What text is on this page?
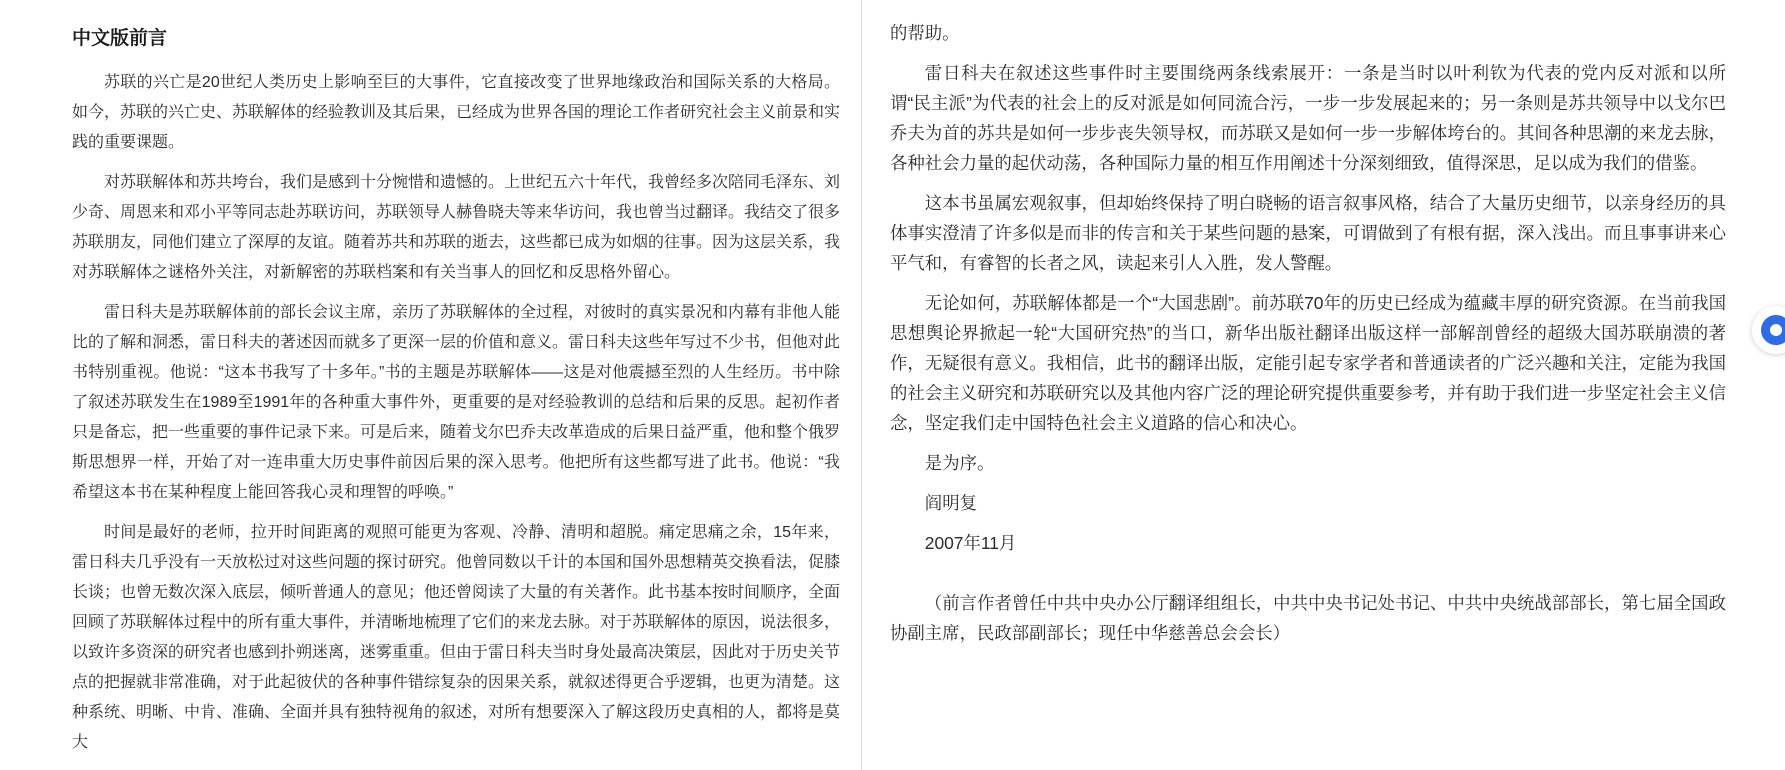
中文版前言

苏联的兴亡是20世纪人类历史上影响至巨的大事件，它直接改变了世界地缘政治和国际关系的大格局。如今，苏联的兴亡史、苏联解体的经验教训及其后果，已经成为世界各国的理论工作者研究社会主义前景和实践的重要课题。

对苏联解体和苏共垮台，我们是感到十分惋惜和遗憾的。上世纪五六十年代，我曾经多次陪同毛泽东、刘少奇、周恩来和邓小平等同志赴苏联访问，苏联领导人赫鲁晓夫等来华访问，我也曾当过翻译。我结交了很多苏联朋友，同他们建立了深厚的友谊。随着苏共和苏联的逝去，这些都已成为如烟的往事。因为这层关系，我对苏联解体之谜格外关注，对新解密的苏联档案和有关当事人的回忆和反思格外留心。

雷日科夫是苏联解体前的部长会议主席，亲历了苏联解体的全过程，对彼时的真实景况和内幕有非他人能比的了解和洞悉，雷日科夫的著述因而就多了更深一层的价值和意义。雷日科夫这些年写过不少书，但他对此书特别重视。他说：“这本书我写了十多年。”书的主题是苏联解体——这是对他震撼至烈的人生经历。书中除了叙述苏联发生在1989至1991年的各种重大事件外，更重要的是对经验教训的总结和后果的反思。起初作者只是备忘，把一些重要的事件记录下来。可是后来，随着戈尔巴乔夫改革造成的后果日益严重，他和整个俄罗斯思想界一样，开始了对一连串重大历史事件前因后果的深入思考。他把所有这些都写进了此书。他说：“我希望这本书在某种程度上能回答我心灵和理智的呼唤。”

时间是最好的老师，拉开时间距离的观照可能更为客观、冷静、清明和超脱。痛定思痛之余，15年来，雷日科夫几乎没有一天放松过对这些问题的探讨研究。他曾同数以千计的本国和国外思想精英交换看法，促膝长谈；也曾无数次深入底层，倾听普通人的意见；他还曾阅读了大量的有关著作。此书基本按时间顺序，全面回顾了苏联解体过程中的所有重大事件，并清晰地梳理了它们的来龙去脉。对于苏联解体的原因，说法很多，以致许多资深的研究者也感到扑朔迷离，迷雾重重。但由于雷日科夫当时身处最高决策层，因此对于历史关节点的把握就非常准确，对于此起彼伏的各种事件错综复杂的因果关系，就叙述得更合乎逻辑，也更为清楚。这种系统、明晰、中肯、准确、全面并具有独特视角的叙述，对所有想要深入了解这段历史真相的人，都将是莫大

的帮助。

雷日科夫在叙述这些事件时主要围绕两条线索展开：一条是当时以叶利钦为代表的党内反对派和以所谓“民主派”为代表的社会上的反对派是如何同流合污，一步一步发展起来的；另一条则是苏共领导中以戈尔巴乔夫为首的苏共是如何一步步丧失领导权，而苏联又是如何一步一步解体垮台的。其间各种思潮的来龙去脉，各种社会力量的起伏动荡，各种国际力量的相互作用阐述十分深刻细致，值得深思，足以成为我们的借鉴。

这本书虽属宏观叙事，但却始终保持了明白晓畅的语言叙事风格，结合了大量历史细节，以亲身经历的具体事实澄清了许多似是而非的传言和关于某些问题的悬案，可谓做到了有根有据，深入浅出。而且事事讲来心平气和，有睿智的长者之风，读起来引人入胜，发人警醒。

无论如何，苏联解体都是一个“大国悲剧”。前苏联70年的历史已经成为蕴藏丰厚的研究资源。在当前我国思想舆论界掀起一轮“大国研究热”的当口，新华出版社翻译出版这样一部解剖曾经的超级大国苏联崩溃的著作，无疑很有意义。我相信，此书的翻译出版，定能引起专家学者和普通读者的广泛兴趣和关注，定能为我国的社会主义研究和苏联研究以及其他内容广泛的理论研究提供重要参考，并有助于我们进一步坚定社会主义信念，坚定我们走中国特色社会主义道路的信心和决心。

是为序。

阎明复

2007年11月

（前言作者曾任中共中央办公厅翻译组组长，中共中央书记处书记、中共中央统战部部长，第七届全国政协副主席，民政部副部长；现任中华慈善总会会长）
